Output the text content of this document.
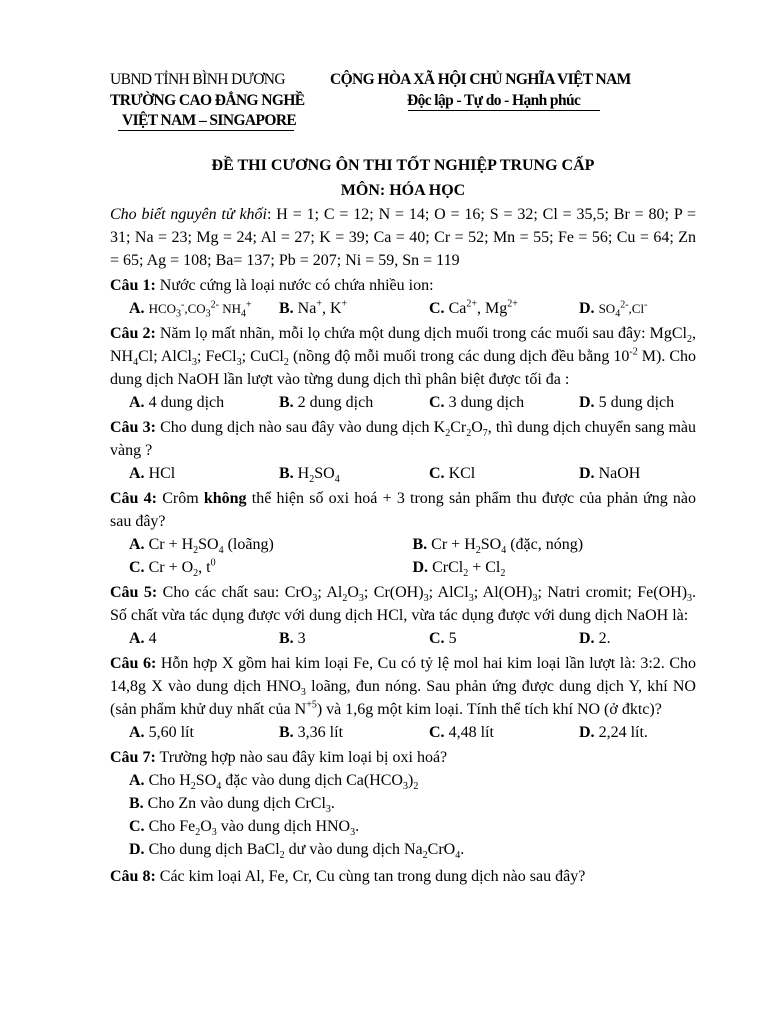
UBND TỈNH BÌNH DƯƠNG	CỘNG HÒA XÃ HỘI CHỦ NGHĨA VIỆT NAM
TRƯỜNG CAO ĐẲNG NGHỀ	Độc lập - Tự do - Hạnh phúc
VIỆT NAM – SINGAPORE
ĐỀ THI CƯƠNG ÔN THI TỐT NGHIỆP TRUNG CẤP
MÔN: HÓA HỌC

Cho biết nguyên tử khối: H = 1; C = 12; N = 14; O = 16; S = 32; Cl = 35,5; Br = 80; P = 31; Na = 23; Mg = 24; Al = 27; K = 39; Ca = 40; Cr = 52; Mn = 55; Fe = 56; Cu = 64; Zn = 65; Ag = 108; Ba= 137; Pb = 207; Ni = 59, Sn = 119

Câu 1: Nước cứng là loại nước có chứa nhiều ion:
A. $HCO_3^-,CO_3^{2-}$ $NH_4^+$	B. Na+, K+	C. $Ca^{2+}$, $Mg^{2+}$	D. $SO_4^{2-},Cl^-$
Câu 2: Năm lọ mất nhãn, mỗi lọ chứa một dung dịch muối trong các muối sau đây: MgCl$_2$, $NH_4Cl$; AlCl$_3$; FeCl$_3$; CuCl$_2$ (nồng độ mỗi muối trong các dung dịch đều bằng $10^{-2}$ M). Cho dung dịch NaOH lần lượt vào từng dung dịch thì phân biệt được tối đa :
A. 4 dung dịch	B. 2 dung dịch	C. 3 dung dịch	D. 5 dung dịch
Câu 3: Cho dung dịch nào sau đây vào dung dịch $K_2Cr_2O_7$, thì dung dịch chuyển sang màu vàng ?
A. HCl	B. $H_2SO_4$	C. KCl	D. NaOH
Câu 4: Crôm không thể hiện số oxi hoá + 3 trong sản phẩm thu được của phản ứng nào sau đây?
A. $Cr + H_2SO_4$ (loãng)	B. $Cr + H_2SO_4$ (đặc, nóng)
C. $Cr + O_2$, $t^0$	D. CrCl$_2$ + $Cl_2$
Câu 5: Cho các chất sau: CrO$_3$; $Al_2O_3$; $Cr(OH)_3$; AlCl$_3$; $Al(OH)_3$; Natri cromit; $Fe(OH)_3$. Số chất vừa tác dụng được với dung dịch HCl, vừa tác dụng được với dung dịch NaOH là:
A. 4	B. 3	C. 5	D. 2.
Câu 6: Hỗn hợp X gồm hai kim loại Fe, Cu có tỷ lệ mol hai kim loại lần lượt là: 3:2. Cho 14,8g X vào dung dịch $HNO_3$ loãng, đun nóng. Sau phản ứng được dung dịch Y, khí NO (sản phẩm khử duy nhất của $N^{+5}$) và 1,6g một kim loại. Tính thể tích khí NO (ở đktc)?
A. 5,60 lít	B. 3,36 lít	C. 4,48 lít	D. 2,24 lít.
Câu 7: Trường hợp nào sau đây kim loại bị oxi hoá?
A. Cho $H_2SO_4$ đặc vào dung dịch $Ca(HCO_3)_2$
B. Cho Zn vào dung dịch CrCl$_3$.
C. Cho $Fe_2O_3$ vào dung dịch $HNO_3$.
D. Cho dung dịch BaCl$_2$ dư vào dung dịch $Na_2CrO_4$.
Câu 8: Các kim loại Al, Fe, Cr, Cu cùng tan trong dung dịch nào sau đây?
